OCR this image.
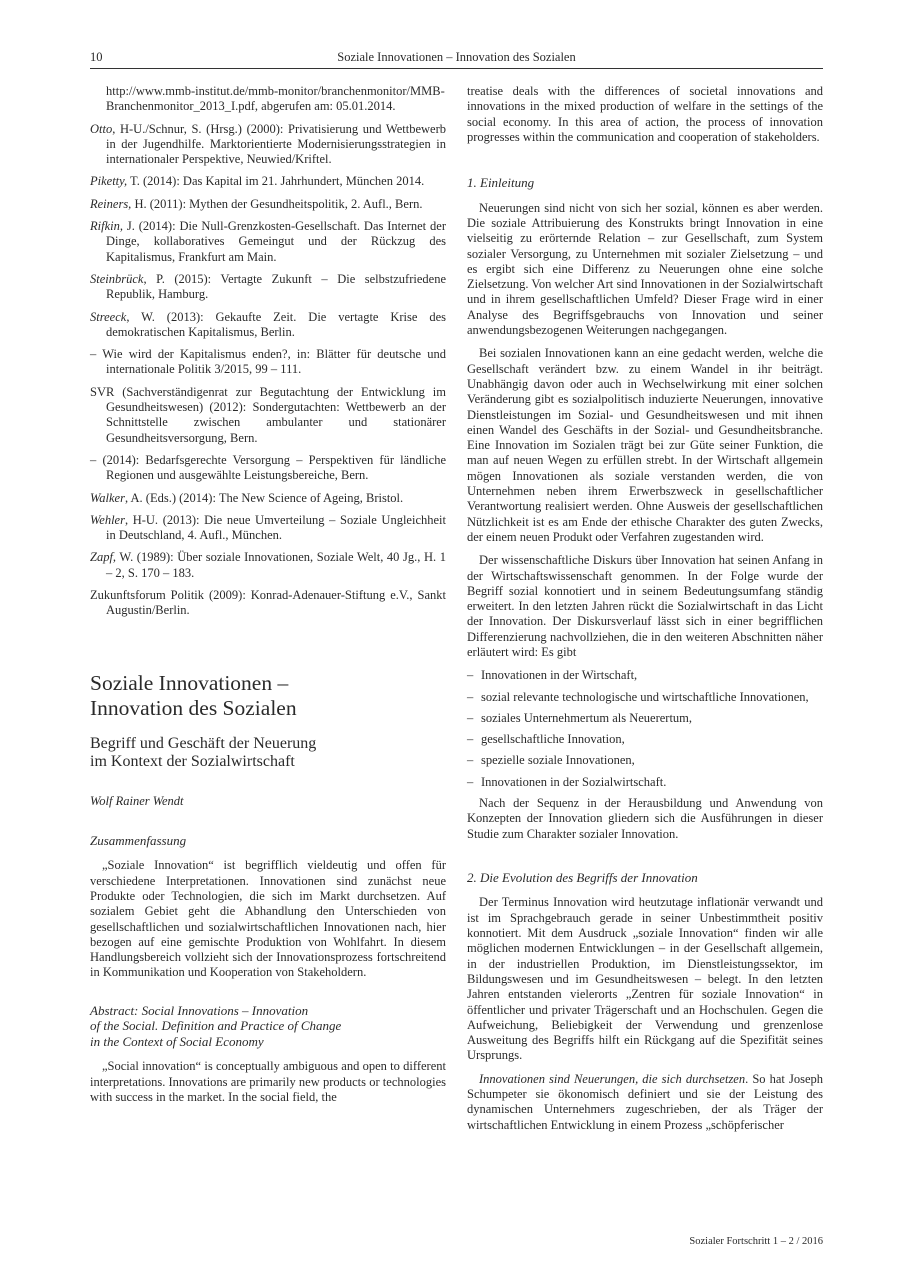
10	Soziale Innovationen – Innovation des Sozialen
http://www.mmb-institut.de/mmb-monitor/branchenmonitor/MMB-Branchenmonitor_2013_I.pdf, abgerufen am: 05.01.2014.
Otto, H-U./Schnur, S. (Hrsg.) (2000): Privatisierung und Wettbewerb in der Jugendhilfe. Marktorientierte Modernisierungsstrategien in internationaler Perspektive, Neuwied/Kriftel.
Piketty, T. (2014): Das Kapital im 21. Jahrhundert, München 2014.
Reiners, H. (2011): Mythen der Gesundheitspolitik, 2. Aufl., Bern.
Rifkin, J. (2014): Die Null-Grenzkosten-Gesellschaft. Das Internet der Dinge, kollaboratives Gemeingut und der Rückzug des Kapitalismus, Frankfurt am Main.
Steinbrück, P. (2015): Vertagte Zukunft – Die selbstzufriedene Republik, Hamburg.
Streeck, W. (2013): Gekaufte Zeit. Die vertagte Krise des demokratischen Kapitalismus, Berlin.
– Wie wird der Kapitalismus enden?, in: Blätter für deutsche und internationale Politik 3/2015, 99 – 111.
SVR (Sachverständigenrat zur Begutachtung der Entwicklung im Gesundheitswesen) (2012): Sondergutachten: Wettbewerb an der Schnittstelle zwischen ambulanter und stationärer Gesundheitsversorgung, Bern.
– (2014): Bedarfsgerechte Versorgung – Perspektiven für ländliche Regionen und ausgewählte Leistungsbereiche, Bern.
Walker, A. (Eds.) (2014): The New Science of Ageing, Bristol.
Wehler, H-U. (2013): Die neue Umverteilung – Soziale Ungleichheit in Deutschland, 4. Aufl., München.
Zapf, W. (1989): Über soziale Innovationen, Soziale Welt, 40 Jg., H. 1 – 2, S. 170 – 183.
Zukunftsforum Politik (2009): Konrad-Adenauer-Stiftung e.V., Sankt Augustin/Berlin.
Soziale Innovationen –
Innovation des Sozialen
Begriff und Geschäft der Neuerung
im Kontext der Sozialwirtschaft
Wolf Rainer Wendt
Zusammenfassung

„Soziale Innovation“ ist begrifflich vieldeutig und offen für verschiedene Interpretationen. Innovationen sind zunächst neue Produkte oder Technologien, die sich im Markt durchsetzen. Auf sozialem Gebiet geht die Abhandlung den Unterschieden von gesellschaftlichen und sozialwirtschaftlichen Innovationen nach, hier bezogen auf eine gemischte Produktion von Wohlfahrt. In diesem Handlungsbereich vollzieht sich der Innovationsprozess fortschreitend in Kommunikation und Kooperation von Stakeholdern.

Abstract: Social Innovations – Innovation
of the Social. Definition and Practice of Change
in the Context of Social Economy

„Social innovation“ is conceptually ambiguous and open to different interpretations. Innovations are primarily new products or technologies with success in the market. In the social field, the

treatise deals with the differences of societal innovations and innovations in the mixed production of welfare in the settings of the social economy. In this area of action, the process of innovation progresses within the communication and cooperation of stakeholders.

1. Einleitung

Neuerungen sind nicht von sich her sozial, können es aber werden. Die soziale Attribuierung des Konstrukts bringt Innovation in eine vielseitig zu erörternde Relation – zur Gesellschaft, zum System sozialer Versorgung, zu Unternehmen mit sozialer Zielsetzung – und es ergibt sich eine Differenz zu Neuerungen ohne eine solche Zielsetzung. Von welcher Art sind Innovationen in der Sozialwirtschaft und in ihrem gesellschaftlichen Umfeld? Dieser Frage wird in einer Analyse des Begriffsgebrauchs von Innovation und seiner anwendungsbezogenen Weiterungen nachgegangen.

Bei sozialen Innovationen kann an eine gedacht werden, welche die Gesellschaft verändert bzw. zu einem Wandel in ihr beiträgt. Unabhängig davon oder auch in Wechselwirkung mit einer solchen Veränderung gibt es sozialpolitisch induzierte Neuerungen, innovative Dienstleistungen im Sozial- und Gesundheitswesen und mit ihnen einen Wandel des Geschäfts in der Sozial- und Gesundheitsbranche. Eine Innovation im Sozialen trägt bei zur Güte seiner Funktion, die man auf neuen Wegen zu erfüllen strebt. In der Wirtschaft allgemein mögen Innovationen als soziale verstanden werden, die von Unternehmen neben ihrem Erwerbszweck in gesellschaftlicher Verantwortung realisiert werden. Ohne Ausweis der gesellschaftlichen Nützlichkeit ist es am Ende der ethische Charakter des guten Zwecks, der einem neuen Produkt oder Verfahren zugestanden wird.

Der wissenschaftliche Diskurs über Innovation hat seinen Anfang in der Wirtschaftswissenschaft genommen. In der Folge wurde der Begriff sozial konnotiert und in seinem Bedeutungsumfang ständig erweitert. In den letzten Jahren rückt die Sozialwirtschaft in das Licht der Innovation. Der Diskursverlauf lässt sich in einer begrifflichen Differenzierung nachvollziehen, die in den weiteren Abschnitten näher erläutert wird: Es gibt

– Innovationen in der Wirtschaft,
– sozial relevante technologische und wirtschaftliche Innovationen,
– soziales Unternehmertum als Neuerertum,
– gesellschaftliche Innovation,
– spezielle soziale Innovationen,
– Innovationen in der Sozialwirtschaft.

Nach der Sequenz in der Herausbildung und Anwendung von Konzepten der Innovation gliedern sich die Ausführungen in dieser Studie zum Charakter sozialer Innovation.

2. Die Evolution des Begriffs der Innovation

Der Terminus Innovation wird heutzutage inflationär verwandt und ist im Sprachgebrauch gerade in seiner Unbestimmtheit positiv konnotiert. Mit dem Ausdruck „soziale Innovation“ finden wir alle möglichen modernen Entwicklungen – in der Gesellschaft allgemein, in der industriellen Produktion, im Dienstleistungssektor, im Bildungswesen und im Gesundheitswesen – belegt. In den letzten Jahren entstanden vielerorts „Zentren für soziale Innovation“ in öffentlicher und privater Trägerschaft und an Hochschulen. Gegen die Aufweichung, Beliebigkeit der Verwendung und grenzenlose Ausweitung des Begriffs hilft ein Rückgang auf die Spezifität seines Ursprungs.

Innovationen sind Neuerungen, die sich durchsetzen. So hat Joseph Schumpeter sie ökonomisch definiert und sie der Leistung des dynamischen Unternehmers zugeschrieben, der als Träger der wirtschaftlichen Entwicklung in einem Prozess „schöpferischer

Sozialer Fortschritt 1 – 2 / 2016
